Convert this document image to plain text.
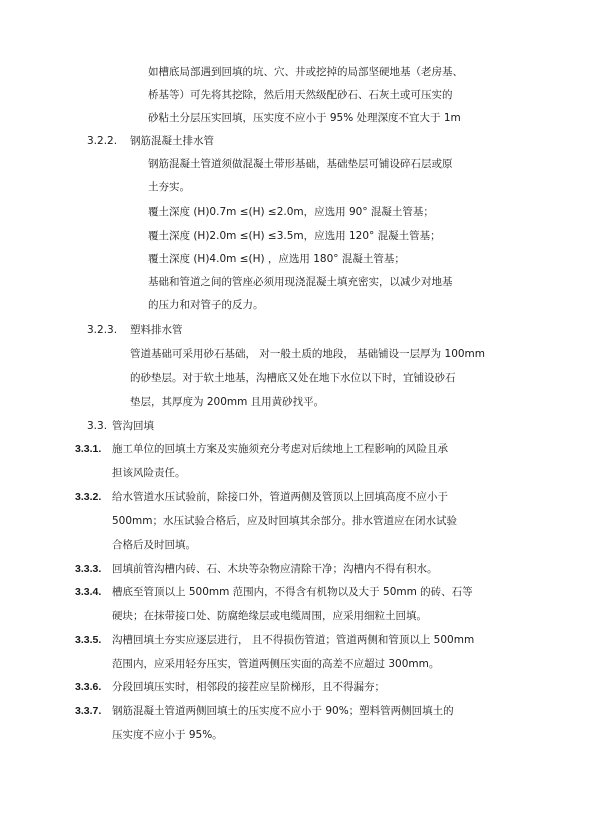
如槽底局部遇到回填的坑、穴、井或挖掉的局部坚硬地基（老房基、
桥基等）可先将其挖除，然后用天然级配砂石、石灰土或可压实的
砂粘土分层压实回填，压实度不应小于 95% 处理深度不宜大于 1m
3.2.2. 钢筋混凝土排水管
钢筋混凝土管道须做混凝土带形基础，基础垫层可铺设碎石层或原
土夯实。
覆土深度 (H)0.7m ≤(H) ≤2.0m，应选用 90° 混凝土管基；
覆土深度 (H)2.0m ≤(H) ≤3.5m，应选用 120° 混凝土管基；
覆土深度 (H)4.0m ≤(H) ，应选用 180° 混凝土管基；
基础和管道之间的管座必须用现浇混凝土填充密实，以减少对地基
的压力和对管子的反力。
3.2.3. 塑料排水管
管道基础可采用砂石基础， 对一般土质的地段， 基础铺设一层厚为 100mm
的砂垫层。对于软土地基，沟槽底又处在地下水位以下时，宜铺设砂石
垫层，其厚度为 200mm 且用黄砂找平。
3.3. 管沟回填
3.3.1. 施工单位的回填土方案及实施须充分考虑对后续地上工程影响的风险且承
担该风险责任。
3.3.2. 给水管道水压试验前，除接口外，管道两侧及管顶以上回填高度不应小于
500mm；水压试验合格后，应及时回填其余部分。排水管道应在闭水试验
合格后及时回填。
3.3.3. 回填前管沟槽内砖、石、木块等杂物应清除干净；沟槽内不得有积水。
3.3.4. 槽底至管顶以上 500mm 范围内，不得含有机物以及大于 50mm 的砖、石等
硬块；在抹带接口处、防腐绝缘层或电缆周围，应采用细粒土回填。
3.3.5. 沟槽回填土夯实应逐层进行， 且不得损伤管道；管道两侧和管顶以上 500mm
范围内，应采用轻夯压实，管道两侧压实面的高差不应超过 300mm。
3.3.6. 分段回填压实时，相邻段的接茬应呈阶梯形，且不得漏夯；
3.3.7. 钢筋混凝土管道两侧回填土的压实度不应小于 90%；塑料管两侧回填土的
压实度不应小于 95%。
